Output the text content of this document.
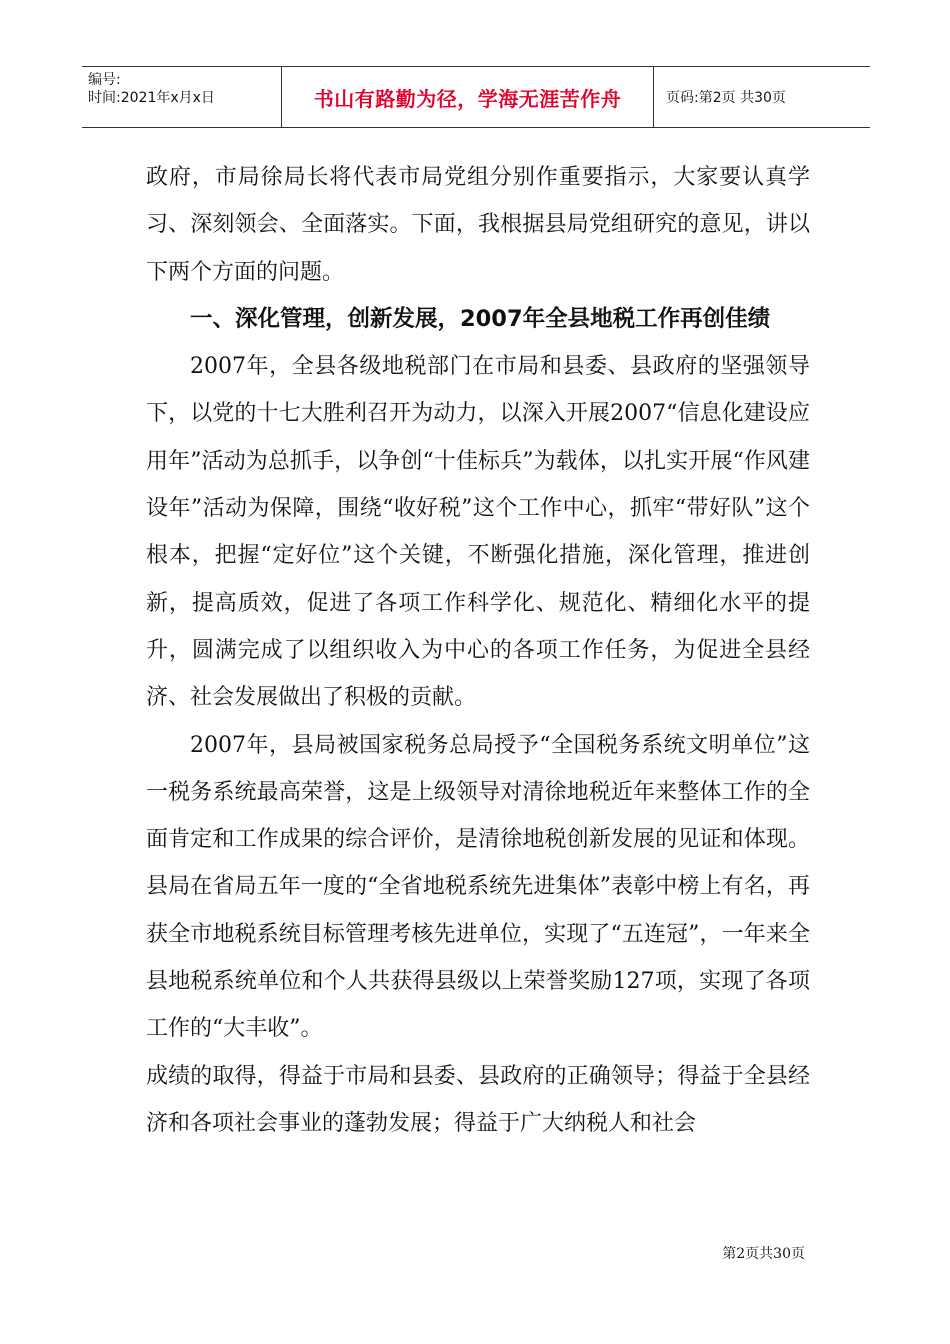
编号:
时间:2021年x月x日	书山有路勤为径，学海无涯苦作舟	页码:第2页 共30页

政府，市局徐局长将代表市局党组分别作重要指示，大家要认真学习、深刻领会、全面落实。下面，我根据县局党组研究的意见，讲以下两个方面的问题。

一、深化管理，创新发展，2007年全县地税工作再创佳绩

2007年，全县各级地税部门在市局和县委、县政府的坚强领导下，以党的十七大胜利召开为动力，以深入开展2007“信息化建设应用年”活动为总抓手，以争创“十佳标兵”为载体，以扎实开展“作风建设年”活动为保障，围绕“收好税”这个工作中心，抓牢“带好队”这个根本，把握“定好位”这个关键，不断强化措施，深化管理，推进创新，提高质效，促进了各项工作科学化、规范化、精细化水平的提升，圆满完成了以组织收入为中心的各项工作任务，为促进全县经济、社会发展做出了积极的贡献。

2007年，县局被国家税务总局授予“全国税务系统文明单位”这一税务系统最高荣誉，这是上级领导对清徐地税近年来整体工作的全面肯定和工作成果的综合评价，是清徐地税创新发展的见证和体现。县局在省局五年一度的“全省地税系统先进集体”表彰中榜上有名，再获全市地税系统目标管理考核先进单位，实现了“五连冠”，一年来全县地税系统单位和个人共获得县级以上荣誉奖励127项，实现了各项工作的“大丰收”。

成绩的取得，得益于市局和县委、县政府的正确领导；得益于全县经济和各项社会事业的蓬勃发展；得益于广大纳税人和社会

第2页共30页
